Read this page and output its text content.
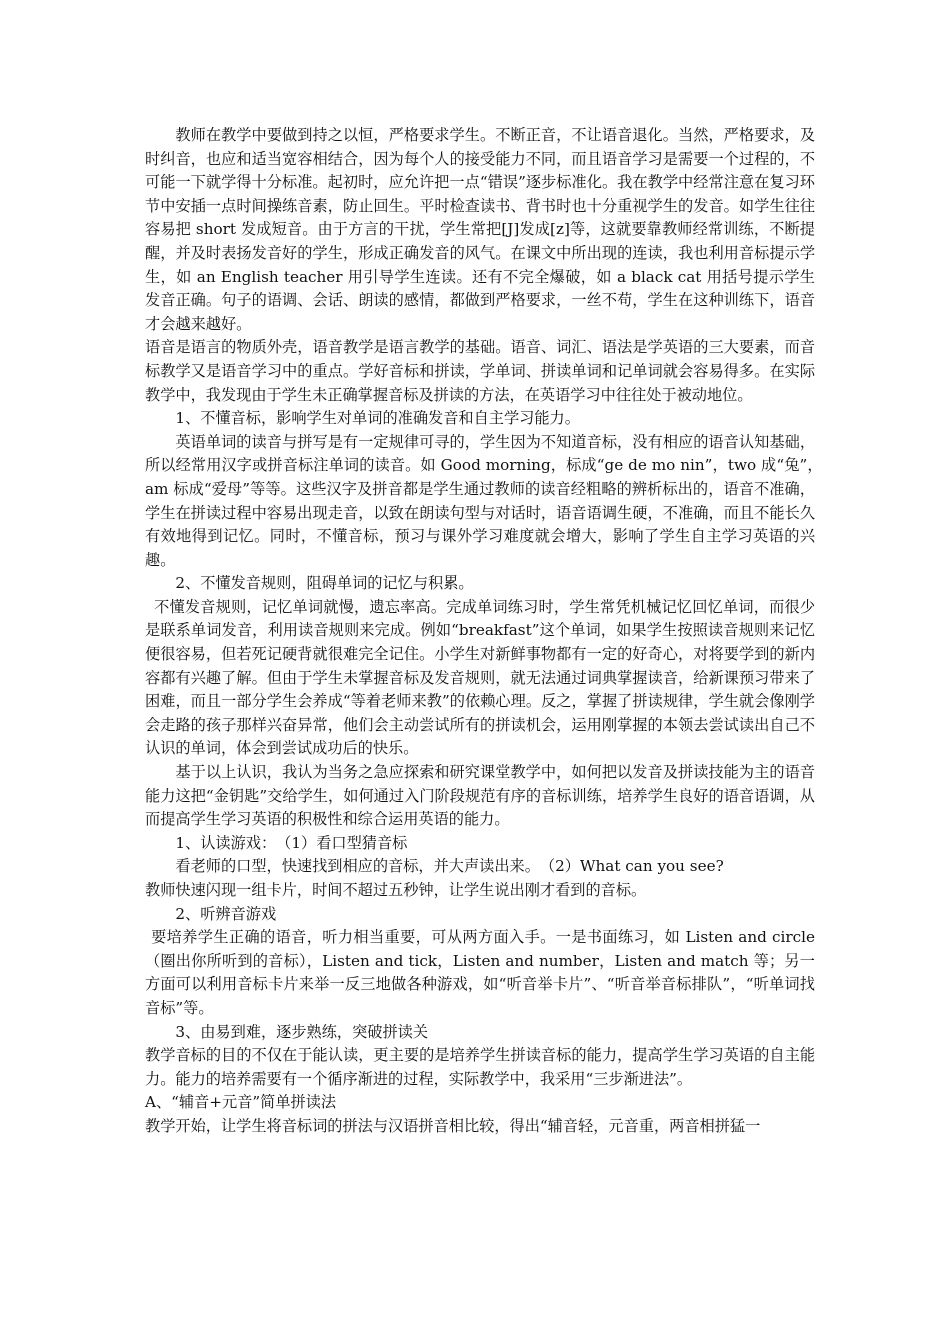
教师在教学中要做到持之以恒，严格要求学生。不断正音，不让语音退化。当然，严格要求，及时纠音，也应和适当宽容相结合，因为每个人的接受能力不同，而且语音学习是需要一个过程的，不可能一下就学得十分标准。起初时，应允许把一点“错误”逐步标准化。我在教学中经常注意在复习环节中安插一点时间操练音素，防止回生。平时检查读书、背书时也十分重视学生的发音。如学生往往容易把 short 发成短音。由于方言的干扰，学生常把[J]发成[z]等，这就要靠教师经常训练，不断提醒，并及时表扬发音好的学生，形成正确发音的风气。在课文中所出现的连读，我也利用音标提示学生，如 an English teacher 用引导学生连读。还有不完全爆破，如 a black cat 用括号提示学生发音正确。句子的语调、会话、朗读的感情，都做到严格要求，一丝不苟，学生在这种训练下，语音才会越来越好。

语音是语言的物质外壳，语音教学是语言教学的基础。语音、词汇、语法是学英语的三大要素，而音标教学又是语音学习中的重点。学好音标和拼读，学单词、拼读单词和记单词就会容易得多。在实际教学中，我发现由于学生未正确掌握音标及拼读的方法，在英语学习中往往处于被动地位。

1、不懂音标，影响学生对单词的准确发音和自主学习能力。

英语单词的读音与拼写是有一定规律可寻的，学生因为不知道音标，没有相应的语音认知基础，所以经常用汉字或拼音标注单词的读音。如 Good morning，标成“ge de mo nin”，two 成“兔”，　am 标成“爱母”等等。这些汉字及拼音都是学生通过教师的读音经粗略的辨析标出的，语音不准确，学生在拼读过程中容易出现走音，以致在朗读句型与对话时，语音语调生硬，不准确，而且不能长久有效地得到记忆。同时，不懂音标，预习与课外学习难度就会增大，影响了学生自主学习英语的兴趣。

2、不懂发音规则，阻碍单词的记忆与积累。

不懂发音规则，记忆单词就慢，遗忘率高。完成单词练习时，学生常凭机械记忆回忆单词，而很少是联系单词发音，利用读音规则来完成。例如“breakfast”这个单词，如果学生按照读音规则来记忆便很容易，但若死记硬背就很难完全记住。小学生对新鲜事物都有一定的好奇心，对将要学到的新内容都有兴趣了解。但由于学生未掌握音标及发音规则，就无法通过词典掌握读音，给新课预习带来了困难，而且一部分学生会养成“等着老师来教”的依赖心理。反之，掌握了拼读规律，学生就会像刚学会走路的孩子那样兴奋异常，他们会主动尝试所有的拼读机会，运用刚掌握的本领去尝试读出自己不认识的单词，体会到尝试成功后的快乐。

基于以上认识，我认为当务之急应探索和研究课堂教学中，如何把以发音及拼读技能为主的语音能力这把“金钥匙”交给学生，如何通过入门阶段规范有序的音标训练，培养学生良好的语音语调，从而提高学生学习英语的积极性和综合运用英语的能力。

1、认读游戏：　（1）看口型猜音标

看老师的口型，快速找到相应的音标，并大声读出来。　（2）What can you see?

教师快速闪现一组卡片，时间不超过五秒钟，让学生说出刚才看到的音标。

2、听辨音游戏

要培养学生正确的语音，听力相当重要，可从两方面入手。一是书面练习，如 Listen and circle（圈出你所听到的音标），Listen and tick，Listen and number，Listen and match 等；另一方面可以利用音标卡片来举一反三地做各种游戏，如“听音举卡片”、“听音举音标排队”，“听单词找音标”等。

3、由易到难，逐步熟练，突破拼读关

教学音标的目的不仅在于能认读，更主要的是培养学生拼读音标的能力，提高学生学习英语的自主能力。能力的培养需要有一个循序渐进的过程，实际教学中，我采用“三步渐进法”。

A、“辅音+元音”简单拼读法

教学开始，让学生将音标词的拼法与汉语拼音相比较，得出“辅音轻，元音重，两音相拼猛一
